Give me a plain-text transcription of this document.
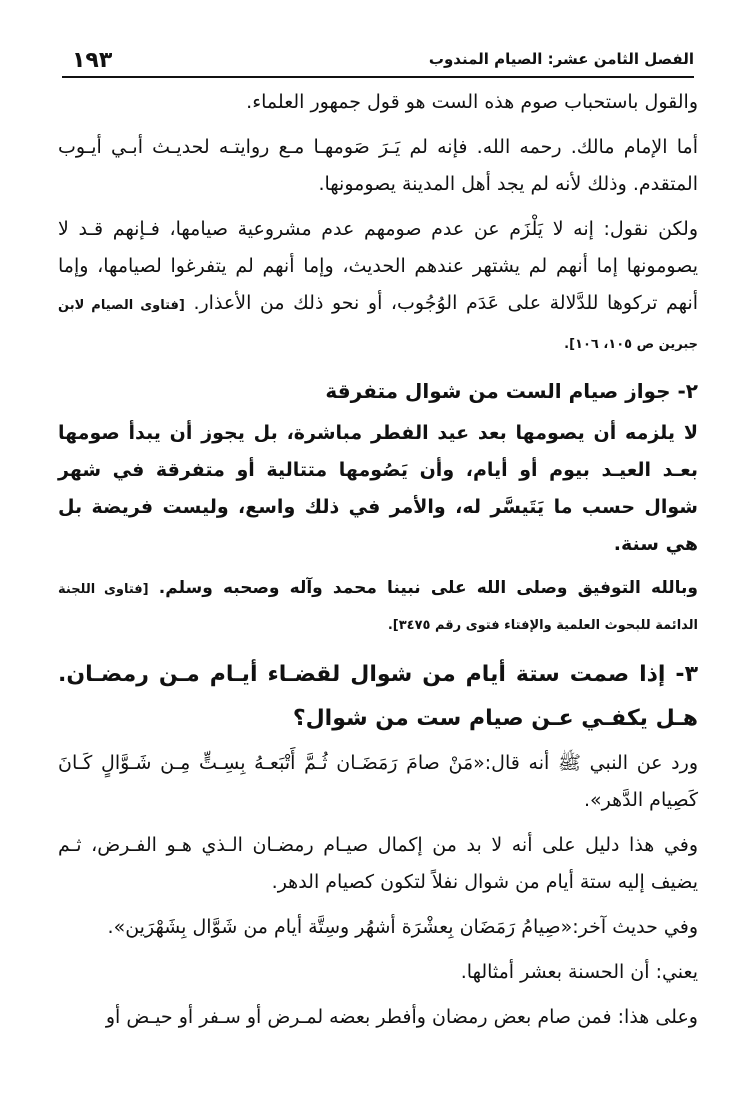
١٩٣	الفصل الثامن عشر: الصيام المندوب

والقول باستحباب صوم هذه الست هو قول جمهور العلماء.

أما الإمام مالك. رحمه الله. فإنه لم يَـرَ صَومهـا مـع روايتـه لحديـث أبـي أيـوب المتقدم. وذلك لأنه لم يجد أهل المدينة يصومونها.

ولكن نقول: إنه لا يَلْزَم عن عدم صومهم عدم مشروعية صيامها، فـإنهم قـد لا يصومونها إما أنهم لم يشتهر عندهم الحديث، وإما أنهم لم يتفرغوا لصيامها، وإما أنهم تركوها للدَّلالة على عَدَم الوُجُوب، أو نحو ذلك من الأعذار. [فتاوى الصيام لابن جبرين ص ١٠٥، ١٠٦].

٢- جواز صيام الست من شوال متفرقة

لا يلزمه أن يصومها بعد عيد الفطر مباشرة، بل يجوز أن يبدأ صومها بعـد العيـد بيوم أو أيام، وأن يَصُومها متتالية أو متفرقة في شهر شوال حسب ما يَتَيسَّر له، والأمر في ذلك واسع، وليست فريضة بل هي سنة.

وبالله التوفيق وصلى الله على نبينا محمد وآله وصحبه وسلم. [فتاوى اللجنة الدائمة للبحوث العلمية والإفتاء فتوى رقم ٣٤٧٥].

٣- إذا صمت ستة أيام من شوال لقضـاء أيـام مـن رمضـان. هـل يكفـي عـن صيام ست من شوال؟

ورد عن النبي ﷺ أنه قال:«مَنْ صامَ رَمَضَـان ثُـمَّ أَتْبَعـهُ بِسِـتٍّ مِـن شَـوَّالٍ كَـانَ كَصِيام الدَّهر».

وفي هذا دليل على أنه لا بد من إكمال صيـام رمضـان الـذي هـو الفـرض، ثـم يضيف إليه ستة أيام من شوال نفلاً لتكون كصيام الدهر.

وفي حديث آخر:«صِيامُ رَمَضَان بِعشْرَة أشهُر وسِتَّة أيام من شَوَّال بِشَهْرَين».

يعني: أن الحسنة بعشر أمثالها.

وعلى هذا: فمن صام بعض رمضان وأفطر بعضه لمـرض أو سـفر أو حيـض أو
